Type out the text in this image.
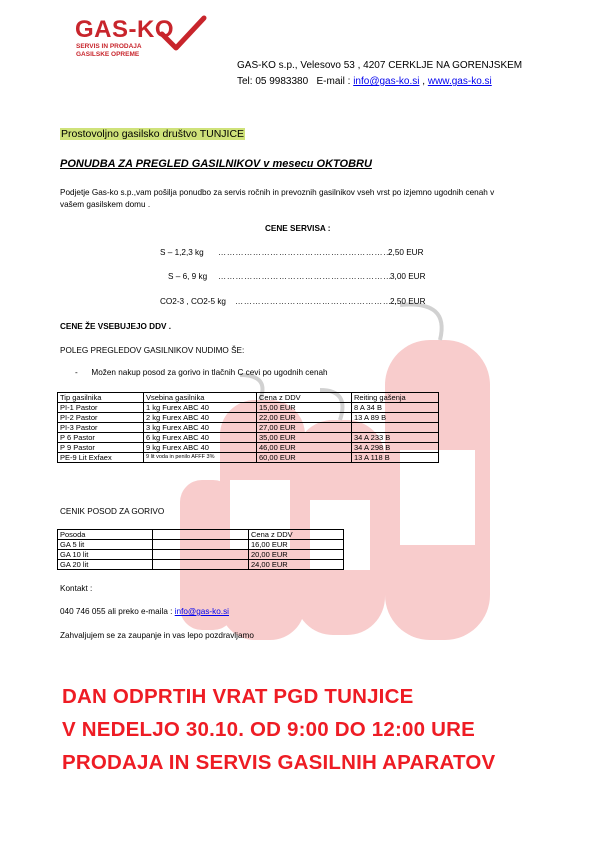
GAS-KO
SERVIS IN PRODAJA
GASILSKE OPREME
GAS-KO s.p., Velesovo 53 , 4207 CERKLJE NA GORENJSKEM
Tel: 05 9983380 E-mail : info@gas-ko.si , www.gas-ko.si
Prostovoljno gasilsko društvo TUNJICE
PONUDBA ZA PREGLED GASILNIKOV v mesecu OKTOBRU
Podjetje Gas-ko s.p.,vam pošilja ponudbo za servis ročnih in prevoznih gasilnikov vseh vrst po izjemno ugodnih cenah v vašem gasilskem domu .
CENE SERVISA :
S – 1,2,3 kg ……………………………………………………
2,50 EUR
S – 6, 9 kg ……………………………………………………
3,00 EUR
CO2-3 , CO2-5 kg …………………………………………………
2,50 EUR
CENE ŽE VSEBUJEJO DDV .
POLEG PREGLEDOV GASILNIKOV NUDIMO ŠE:
-      Možen nakup posod za gorivo in tlačnih C cevi po ugodnih cenah
Tip gasilnika	Vsebina gasilnika	Cena z DDV	Reiting gašenja
PI-1 Pastor	1 kg Furex ABC 40	15,00 EUR	8 A 34 B
PI-2 Pastor	2 kg Furex ABC 40	22,00 EUR	13 A 89 B
PI-3 Pastor	3 kg Furex ABC 40	27,00 EUR	
P 6 Pastor	6 kg Furex ABC 40	35,00 EUR	34 A 233 B
P 9 Pastor	9 kg Furex ABC 40	46,00 EUR	34 A 298 B
PE-9 Lit Exfaex	9 lit voda in penilo AFFF 3%	60,00 EUR	13 A 118 B
CENIK POSOD ZA GORIVO
Posoda		Cena z DDV
GA 5 lit		16,00 EUR
GA 10 lit		20,00 EUR
GA 20 lit		24,00 EUR
Kontakt :
040 746 055 ali preko e-maila : info@gas-ko.si
Zahvaljujem se za zaupanje in vas lepo pozdravljamo
DAN ODPRTIH VRAT PGD TUNJICE
V NEDELJO 30.10. OD 9:00 DO 12:00 URE
PRODAJA IN SERVIS GASILNIH APARATOV
